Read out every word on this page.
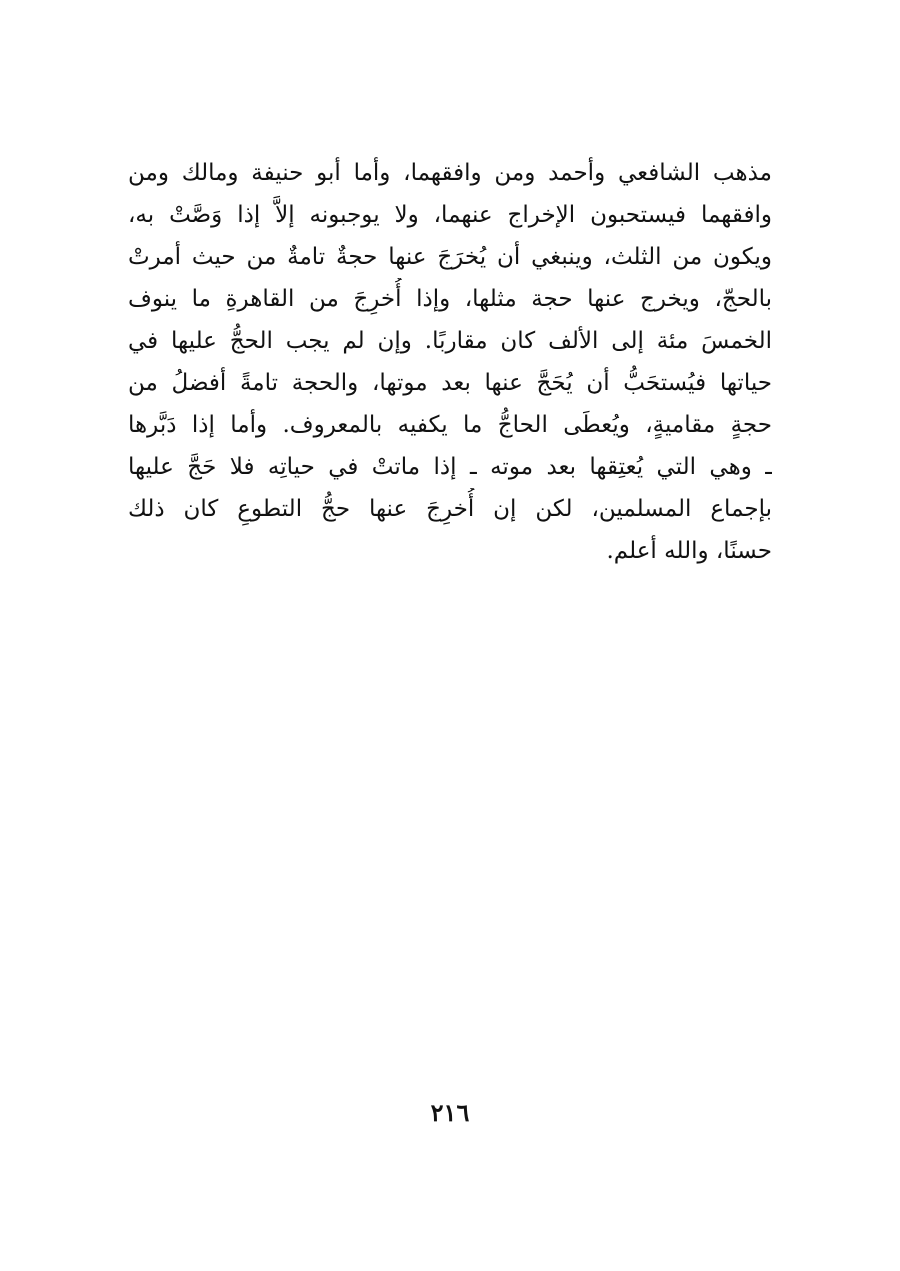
مذهب الشافعي وأحمد ومن وافقهما، وأما أبو حنيفة ومالك ومن
وافقهما فيستحبون الإخراج عنهما، ولا يوجبونه إلاَّ إذا وَصَّتْ به،
ويكون من الثلث، وينبغي أن يُخرَجَ عنها حجةٌ تامةٌ من حيث أمرتْ
بالحجّ، ويخرج عنها حجة مثلها، وإذا أُخرِجَ من القاهرةِ ما ينوف
الخمسَ مئة إلى الألف كان مقاربًا. وإن لم يجب الحجُّ عليها في
حياتها فيُستحَبُّ أن يُحَجَّ عنها بعد موتها، والحجة تامةً أفضلُ من
حجةٍ مقاميةٍ، ويُعطَى الحاجُّ ما يكفيه بالمعروف. وأما إذا دَبَّرها
ـ وهي التي يُعتِقها بعد موته ـ إذا ماتتْ في حياتِه فلا حَجَّ عليها
بإجماع المسلمين، لكن إن أُخرِجَ عنها حجُّ التطوعِ كان ذلك
حسنًا، والله أعلم.
٢١٦
